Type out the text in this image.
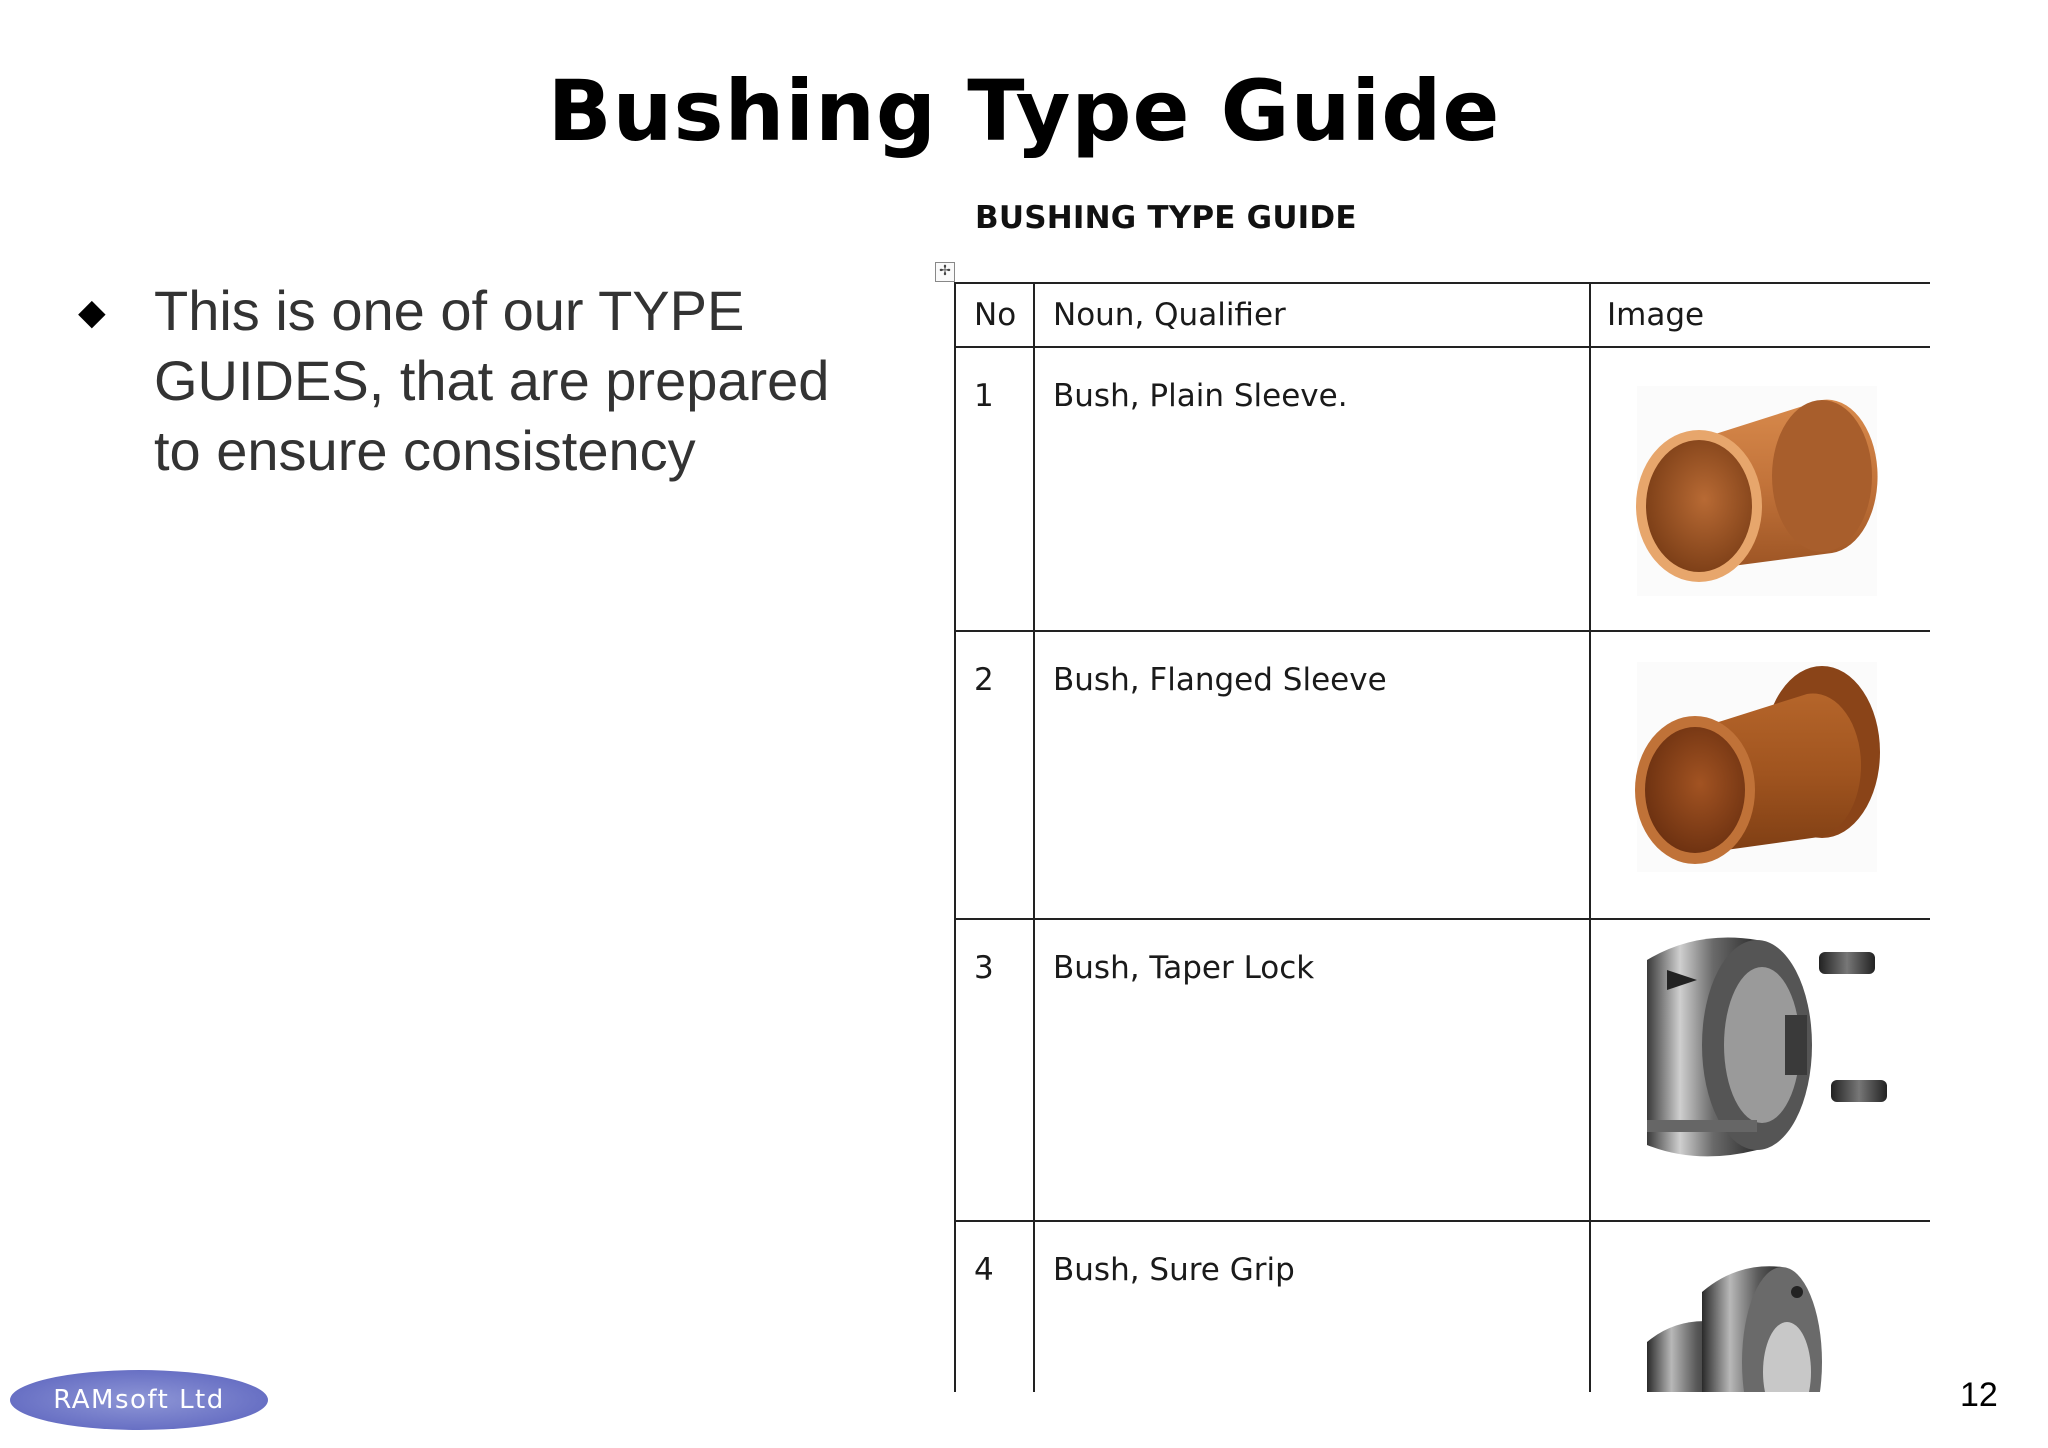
Bushing Type Guide
◆ This is one of our TYPE GUIDES, that are prepared to ensure consistency
BUSHING TYPE GUIDE
✢
No	Noun, Qualifier	Image
1	Bush, Plain Sleeve.	

2	Bush, Flanged Sleeve	

3	Bush, Taper Lock	

4	Bush, Sure Grip	
12
RAMsoft Ltd
